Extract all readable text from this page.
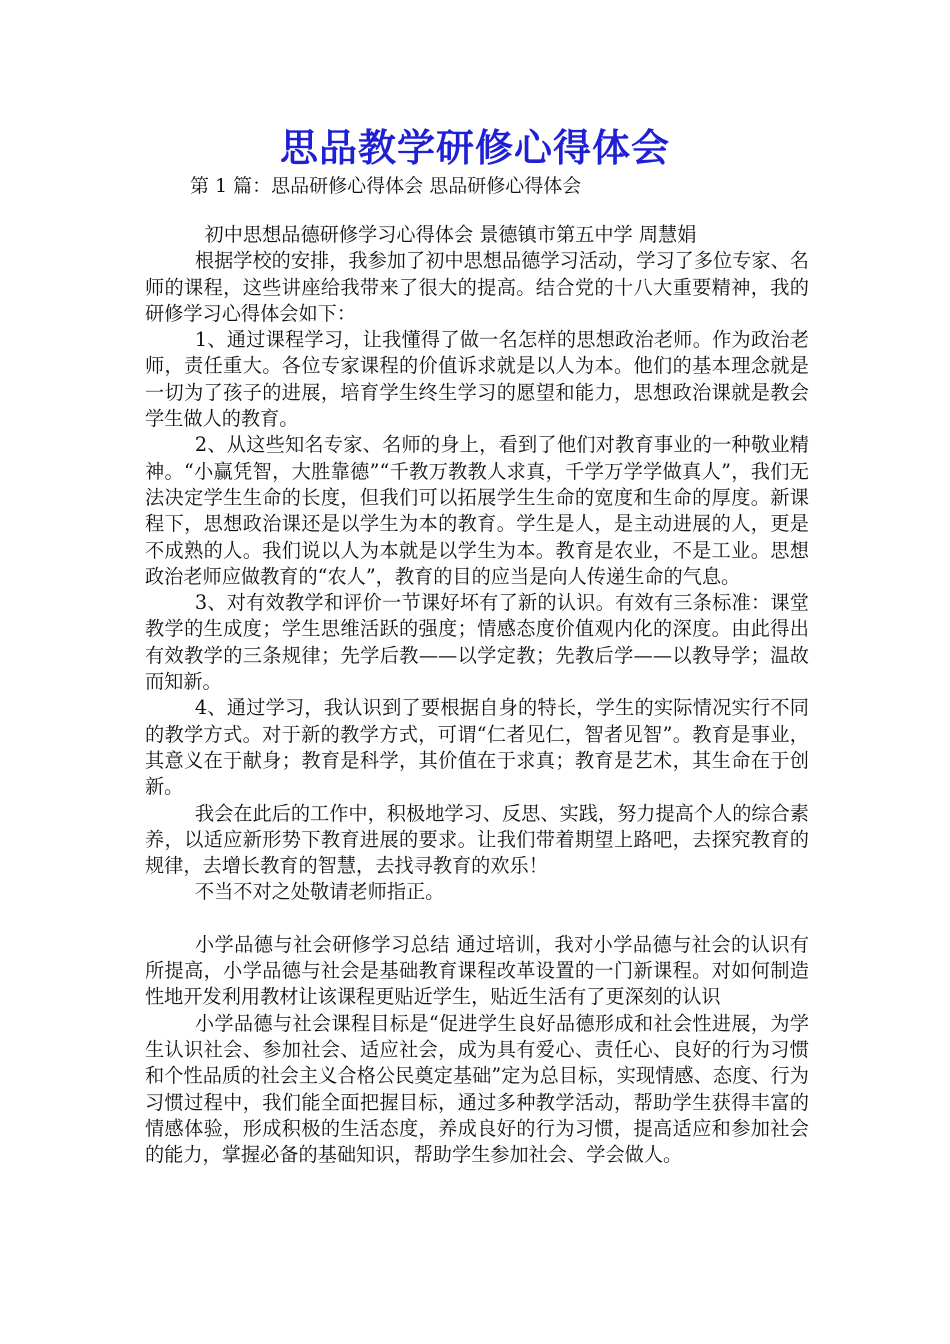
思品教学研修心得体会
第 1 篇：思品研修心得体会 思品研修心得体会

初中思想品德研修学习心得体会 景德镇市第五中学 周慧娟

根据学校的安排，我参加了初中思想品德学习活动，学习了多位专家、名师的课程，这些讲座给我带来了很大的提高。结合党的十八大重要精神，我的研修学习心得体会如下：

1、通过课程学习，让我懂得了做一名怎样的思想政治老师。作为政治老师，责任重大。各位专家课程的价值诉求就是以人为本。他们的基本理念就是一切为了孩子的进展，培育学生终生学习的愿望和能力，思想政治课就是教会学生做人的教育。

2、从这些知名专家、名师的身上，看到了他们对教育事业的一种敬业精神。“小赢凭智，大胜靠德”“千教万教教人求真，千学万学学做真人”，我们无法决定学生生命的长度，但我们可以拓展学生生命的宽度和生命的厚度。新课程下，思想政治课还是以学生为本的教育。学生是人，是主动进展的人，更是不成熟的人。我们说以人为本就是以学生为本。教育是农业，不是工业。思想政治老师应做教育的“农人”，教育的目的应当是向人传递生命的气息。

3、对有效教学和评价一节课好坏有了新的认识。有效有三条标准：课堂教学的生成度；学生思维活跃的强度；情感态度价值观内化的深度。由此得出有效教学的三条规律；先学后教——以学定教；先教后学——以教导学；温故而知新。

4、通过学习，我认识到了要根据自身的特长，学生的实际情况实行不同的教学方式。对于新的教学方式，可谓“仁者见仁，智者见智”。教育是事业，其意义在于献身；教育是科学，其价值在于求真；教育是艺术，其生命在于创新。

我会在此后的工作中，积极地学习、反思、实践，努力提高个人的综合素养，以适应新形势下教育进展的要求。让我们带着期望上路吧，去探究教育的规律，去增长教育的智慧，去找寻教育的欢乐！

不当不对之处敬请老师指正。

小学品德与社会研修学习总结 通过培训，我对小学品德与社会的认识有所提高，小学品德与社会是基础教育课程改革设置的一门新课程。对如何制造性地开发利用教材让该课程更贴近学生，贴近生活有了更深刻的认识

小学品德与社会课程目标是“促进学生良好品德形成和社会性进展，为学生认识社会、参加社会、适应社会，成为具有爱心、责任心、良好的行为习惯和个性品质的社会主义合格公民奠定基础”定为总目标，实现情感、态度、行为习惯过程中，我们能全面把握目标，通过多种教学活动，帮助学生获得丰富的情感体验，形成积极的生活态度，养成良好的行为习惯，提高适应和参加社会的能力，掌握必备的基础知识，帮助学生参加社会、学会做人。
